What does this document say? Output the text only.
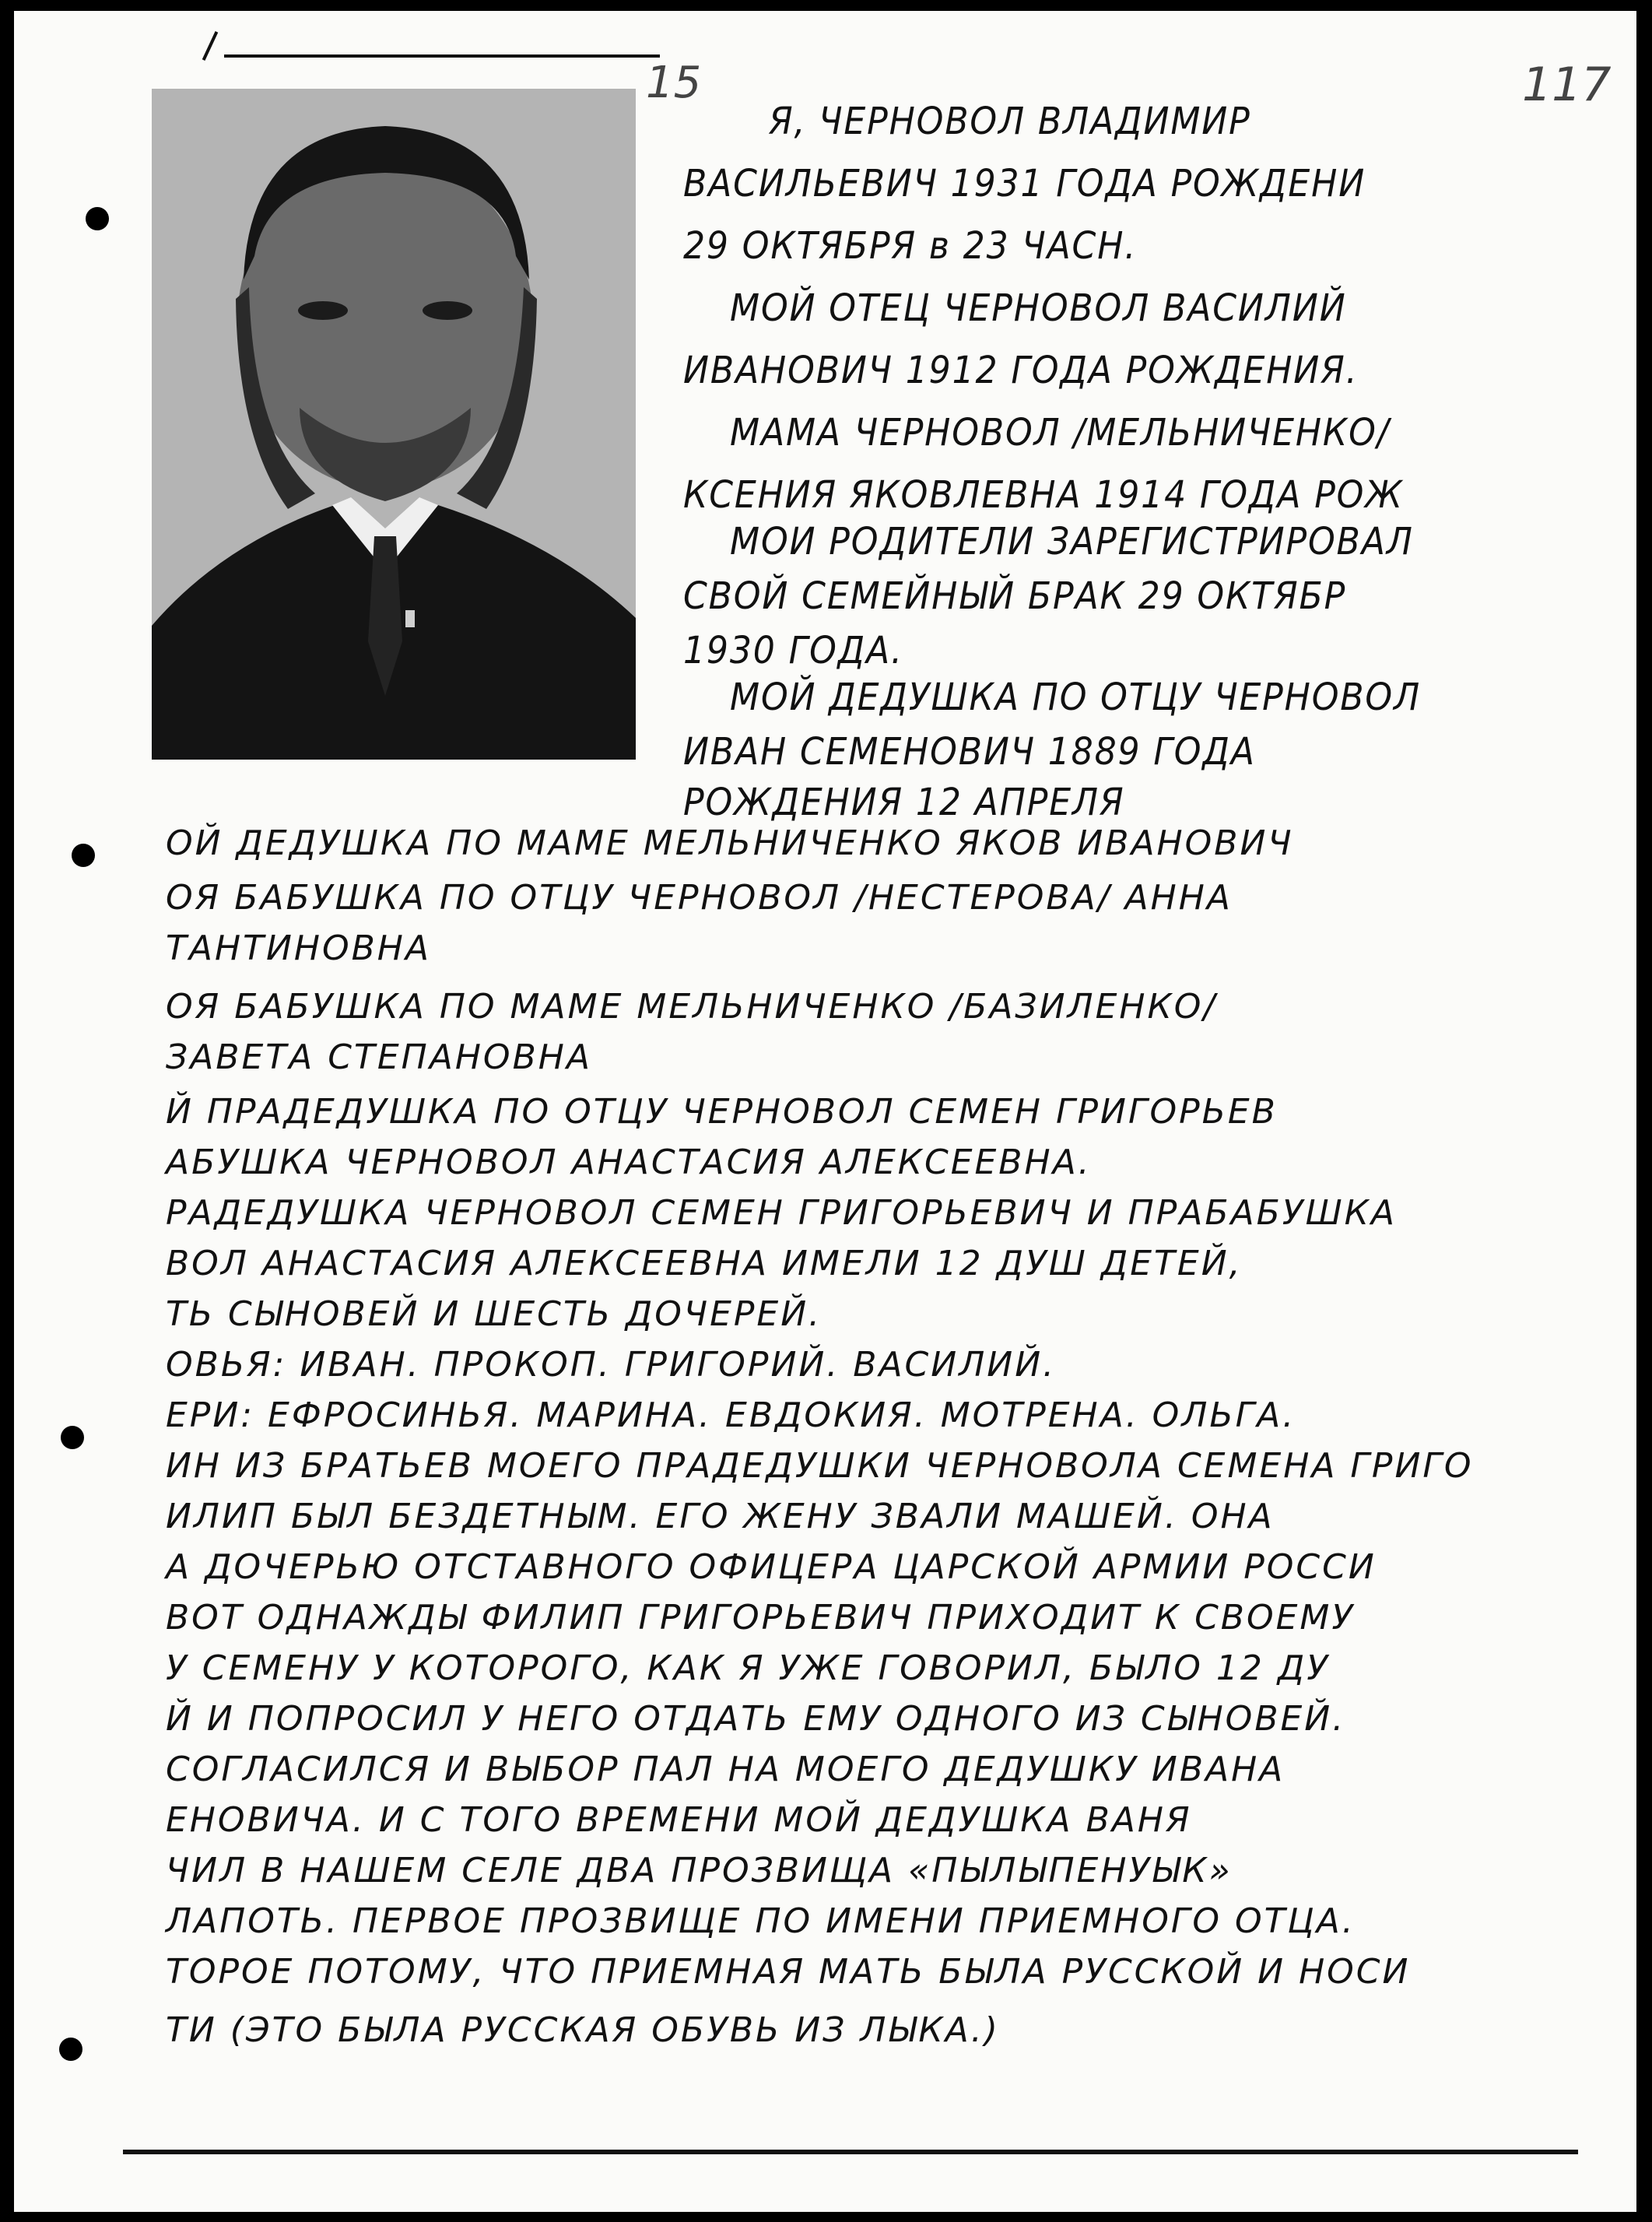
15	117
Я, ЧЕРНОВОЛ ВЛАДИМИР
ВАСИЛЬЕВИЧ 1931 ГОДА РОЖДЕНИ
29 ОКТЯБРЯ в 23 ЧАСН.
МОЙ ОТЕЦ ЧЕРНОВОЛ ВАСИЛИЙ
ИВАНОВИЧ 1912 ГОДА РОЖДЕНИЯ.
МАМА ЧЕРНОВОЛ /МЕЛЬНИЧЕНКО/
КСЕНИЯ ЯКОВЛЕВНА 1914 ГОДА РОЖ
МОИ РОДИТЕЛИ ЗАРЕГИСТРИРОВАЛ
СВОЙ СЕМЕЙНЫЙ БРАК 29 ОКТЯБР
1930 ГОДА.
МОЙ ДЕДУШКА ПО ОТЦУ ЧЕРНОВОЛ
ИВАН СЕМЕНОВИЧ 1889 ГОДА
РОЖДЕНИЯ 12 АПРЕЛЯ
ОЙ ДЕДУШКА ПО МАМЕ МЕЛЬНИЧЕНКО ЯКОВ ИВАНОВИЧ
ОЯ БАБУШКА ПО ОТЦУ ЧЕРНОВОЛ /НЕСТЕРОВА/ АННА
ТАНТИНОВНА
ОЯ БАБУШКА ПО МАМЕ МЕЛЬНИЧЕНКО /БАЗИЛЕНКО/
ЗАВЕТА СТЕПАНОВНА
Й ПРАДЕДУШКА ПО ОТЦУ ЧЕРНОВОЛ СЕМЕН ГРИГОРЬЕВ
АБУШКА ЧЕРНОВОЛ АНАСТАСИЯ АЛЕКСЕЕВНА.
РАДЕДУШКА ЧЕРНОВОЛ СЕМЕН ГРИГОРЬЕВИЧ И ПРАБАБУШКА
ВОЛ АНАСТАСИЯ АЛЕКСЕЕВНА ИМЕЛИ 12 ДУШ ДЕТЕЙ,
ТЬ СЫНОВЕЙ И ШЕСТЬ ДОЧЕРЕЙ.
ОВЬЯ: ИВАН. ПРОКОП. ГРИГОРИЙ. ВАСИЛИЙ.
ЕРИ: ЕФРОСИНЬЯ. МАРИНА. ЕВДОКИЯ. МОТРЕНА. ОЛЬГА.
ИН ИЗ БРАТЬЕВ МОЕГО ПРАДЕДУШКИ ЧЕРНОВОЛА СЕМЕНА ГРИГО
ИЛИП БЫЛ БЕЗДЕТНЫМ. ЕГО ЖЕНУ ЗВАЛИ МАШЕЙ. ОНА
А ДОЧЕРЬЮ ОТСТАВНОГО ОФИЦЕРА ЦАРСКОЙ АРМИИ РОССИ
ВОТ ОДНАЖДЫ ФИЛИП ГРИГОРЬЕВИЧ ПРИХОДИТ К СВОЕМУ
У СЕМЕНУ У КОТОРОГО, КАК Я УЖЕ ГОВОРИЛ, БЫЛО 12 ДУ
Й И ПОПРОСИЛ У НЕГО ОТДАТЬ ЕМУ ОДНОГО ИЗ СЫНОВЕЙ.
СОГЛАСИЛСЯ И ВЫБОР ПАЛ НА МОЕГО ДЕДУШКУ ИВАНА
ЕНОВИЧА. И С ТОГО ВРЕМЕНИ МОЙ ДЕДУШКА ВАНЯ
ЧИЛ В НАШЕМ СЕЛЕ ДВА ПРОЗВИЩА «ПЫЛЫПЕНУЫК»
ЛАПОТЬ. ПЕРВОЕ ПРОЗВИЩЕ ПО ИМЕНИ ПРИЕМНОГО ОТЦА.
ТОРОЕ ПОТОМУ, ЧТО ПРИЕМНАЯ МАТЬ БЫЛА РУССКОЙ И НОСИ
ТИ (ЭТО БЫЛА РУССКАЯ ОБУВЬ ИЗ ЛЫКА.)
